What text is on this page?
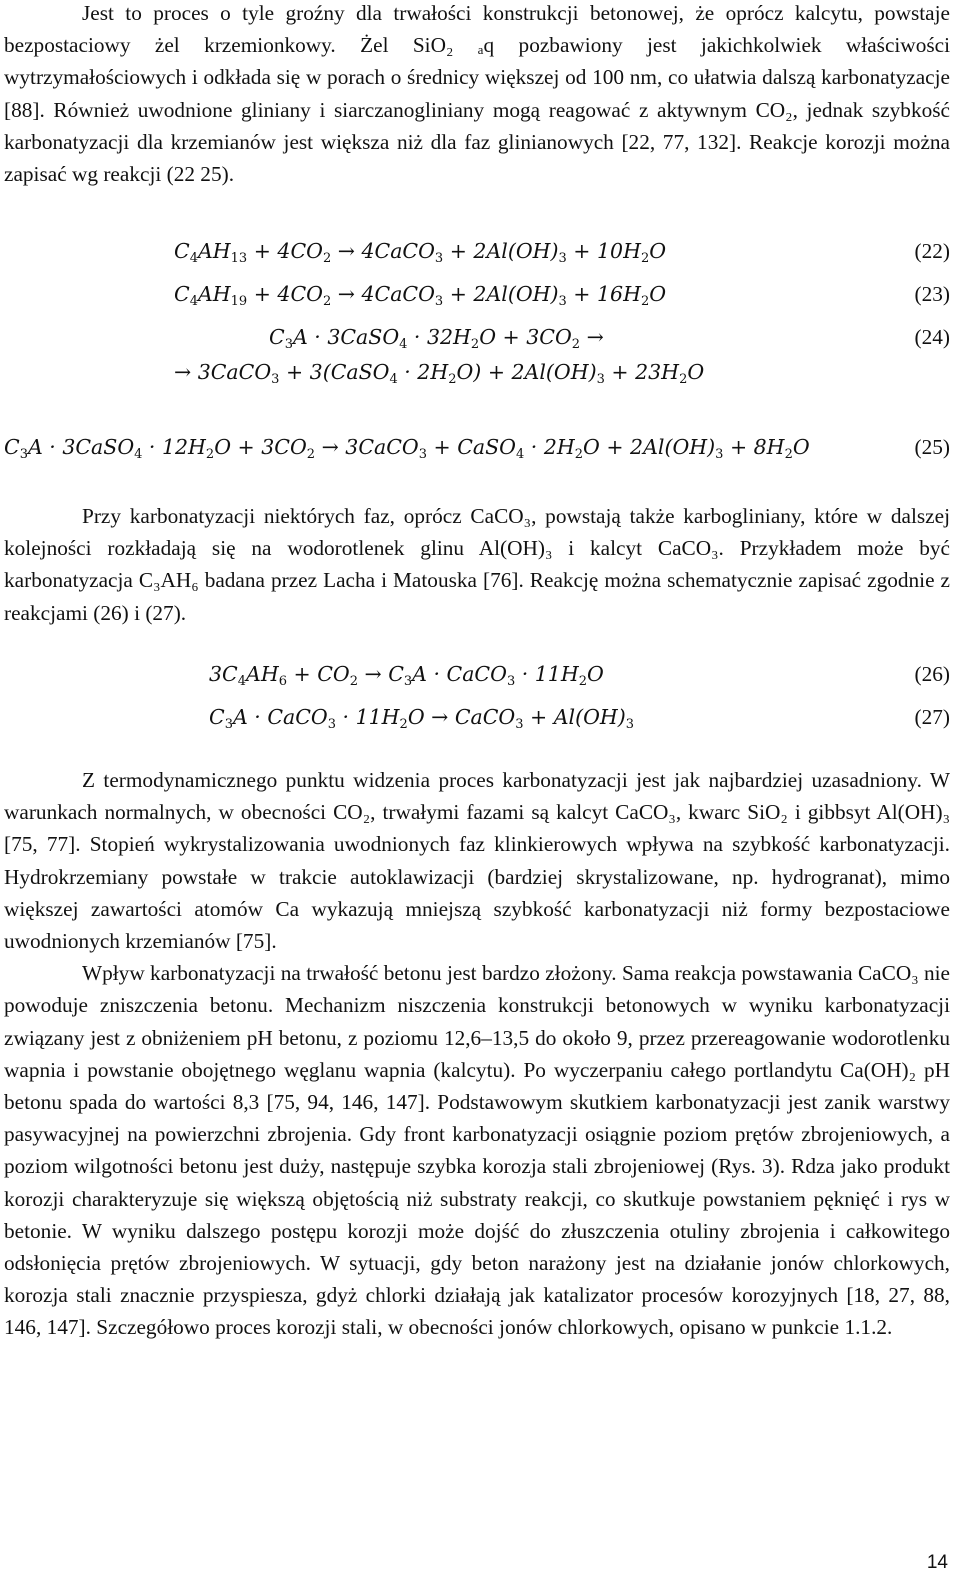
Jest to proces o tyle groźny dla trwałości konstrukcji betonowej, że oprócz kalcytu, powstaje bezpostaciowy żel krzemionkowy. Żel SiO₂ ₐq pozbawiony jest jakichkolwiek właściwości wytrzymałościowych i odkłada się w porach o średnicy większej od 100 nm, co ułatwia dalszą karbonatyzacje [88]. Również uwodnione gliniany i siarczanogliniany mogą reagować z aktywnym CO₂, jednak szybkość karbonatyzacji dla krzemianów jest większa niż dla faz glinianowych [22, 77, 132]. Reakcje korozji można zapisać wg reakcji (22 25).

$C_4AH_{13} + 4CO_2$ → 4CaCO$_3$ + $2Al(OH)_3 + 10H_2O$	(22)
$C_4AH_{19} + 4CO_2$ → 4CaCO$_3$ + $2Al(OH)_3 + 16H_2O$	(23)
$C_3A$ · 3CaSO$_4$ · $32H_2O + 3CO_2$ →
→ 3CaCO$_3$ + 3(CaSO$_4$ · $2H_2O) + 2Al(OH)_3 + 23H_2O$
(24)
$C_3A$ · 3CaSO$_4$ · $12H_2O + 3CO_2$ → 3CaCO$_3$ + CaSO$_4$ · $2H_2O + 2Al(OH)_3 + 8H_2O$	(25)

Przy karbonatyzacji niektórych faz, oprócz CaCO₃, powstają także karbogliniany, które w dalszej kolejności rozkładają się na wodorotlenek glinu Al(OH)₃ i kalcyt CaCO₃. Przykładem może być karbonatyzacja C₃AH₆ badana przez Lacha i Matouska [76]. Reakcję można schematycznie zapisać zgodnie z reakcjami (26) i (27).

$3C_4AH_6 + CO_2 \to C_3A$ · CaCO$_3$ · $11H_2O$	(26)
$C_3A$ · CaCO$_3$ · $11H_2O$ → CaCO$_3$ + $Al(OH)_3$	(27)

Z termodynamicznego punktu widzenia proces karbonatyzacji jest jak najbardziej uzasadniony. W warunkach normalnych, w obecności CO₂, trwałymi fazami są kalcyt CaCO₃, kwarc SiO₂ i gibbsyt Al(OH)₃ [75, 77]. Stopień wykrystalizowania uwodnionych faz klinkierowych wpływa na szybkość karbonatyzacji. Hydrokrzemiany powstałe w trakcie autoklawizacji (bardziej skrystalizowane, np. hydrogranat), mimo większej zawartości atomów Ca wykazują mniejszą szybkość karbonatyzacji niż formy bezpostaciowe uwodnionych krzemianów [75].

Wpływ karbonatyzacji na trwałość betonu jest bardzo złożony. Sama reakcja powstawania CaCO₃ nie powoduje zniszczenia betonu. Mechanizm niszczenia konstrukcji betonowych w wyniku karbonatyzacji związany jest z obniżeniem pH betonu, z poziomu 12,6–13,5 do około 9, przez przereagowanie wodorotlenku wapnia i powstanie obojętnego węglanu wapnia (kalcytu). Po wyczerpaniu całego portlandytu Ca(OH)₂ pH betonu spada do wartości 8,3 [75, 94, 146, 147]. Podstawowym skutkiem karbonatyzacji jest zanik warstwy pasywacyjnej na powierzchni zbrojenia. Gdy front karbonatyzacji osiągnie poziom prętów zbrojeniowych, a poziom wilgotności betonu jest duży, następuje szybka korozja stali zbrojeniowej (Rys. 3). Rdza jako produkt korozji charakteryzuje się większą objętością niż substraty reakcji, co skutkuje powstaniem pęknięć i rys w betonie. W wyniku dalszego postępu korozji może dojść do złuszczenia otuliny zbrojenia i całkowitego odsłonięcia prętów zbrojeniowych. W sytuacji, gdy beton narażony jest na działanie jonów chlorkowych, korozja stali znacznie przyspiesza, gdyż chlorki działają jak katalizator procesów korozyjnych [18, 27, 88, 146, 147]. Szczegółowo proces korozji stali, w obecności jonów chlorkowych, opisano w punkcie 1.1.2.

14
